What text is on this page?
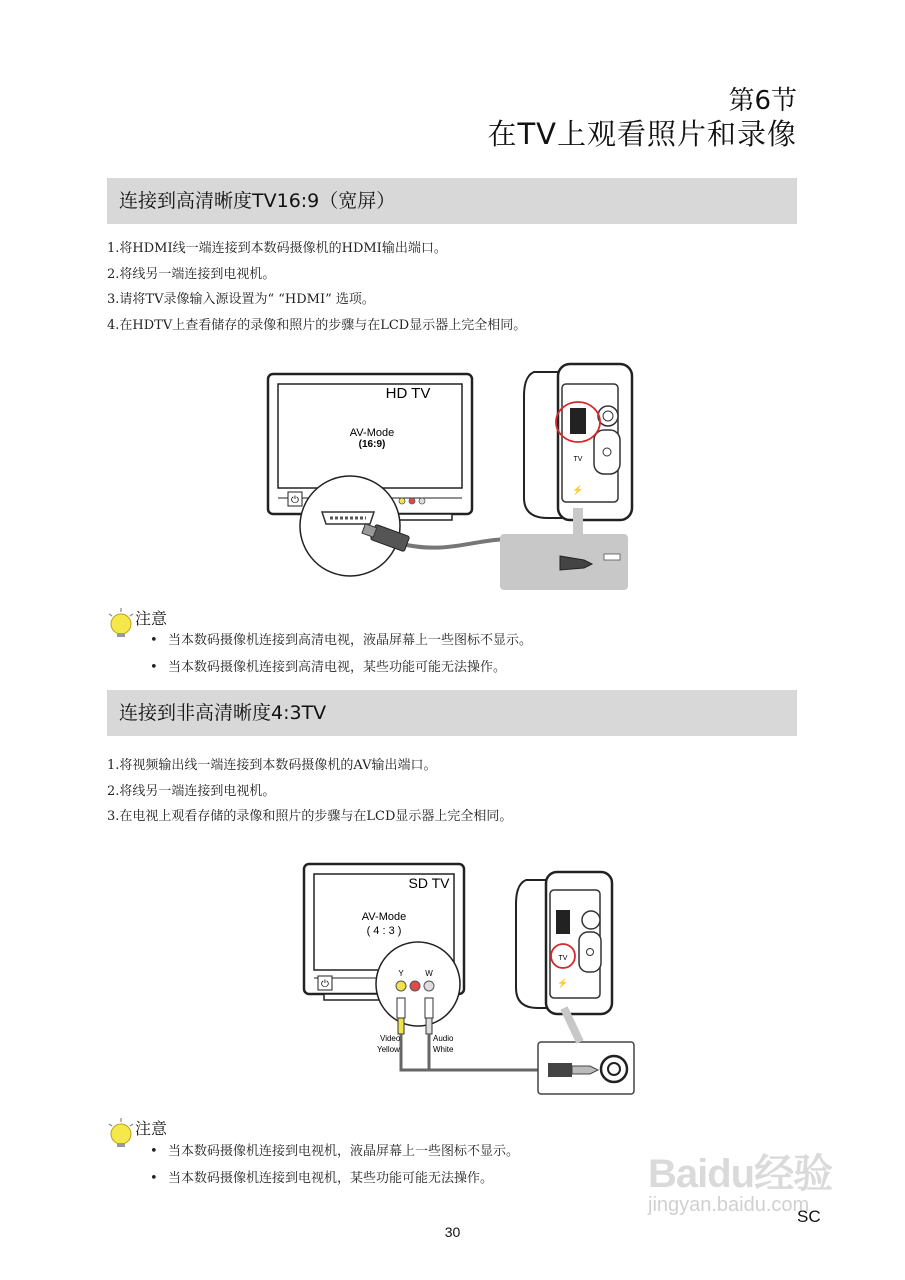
第6节
在TV上观看照片和录像
连接到高清晰度TV16:9（宽屏）
1.将HDMI线一端连接到本数码摄像机的HDMI输出端口。
2.将线另一端连接到电视机。
3.请将TV录像输入源设置为“ “HDMI” 选项。
4.在HDTV上查看储存的录像和照片的步骤与在LCD显示器上完全相同。
⏻
HD TV
AV-Mode
(16:9)
TV
⚡
注意
• 当本数码摄像机连接到高清电视，液晶屏幕上一些图标不显示。
• 当本数码摄像机连接到高清电视，某些功能可能无法操作。
连接到非高清晰度4:3TV
1.将视频输出线一端连接到本数码摄像机的AV输出端口。
2.将线另一端连接到电视机。
3.在电视上观看存储的录像和照片的步骤与在LCD显示器上完全相同。
⏻
SD TV
AV-Mode
( 4 : 3 )
Y	W
Video
Yellow
Audio
White
TV
⚡
注意
• 当本数码摄像机连接到电视机，液晶屏幕上一些图标不显示。
• 当本数码摄像机连接到电视机，某些功能可能无法操作。	Baidu经验
jingyan.baidu.com
SC
30
